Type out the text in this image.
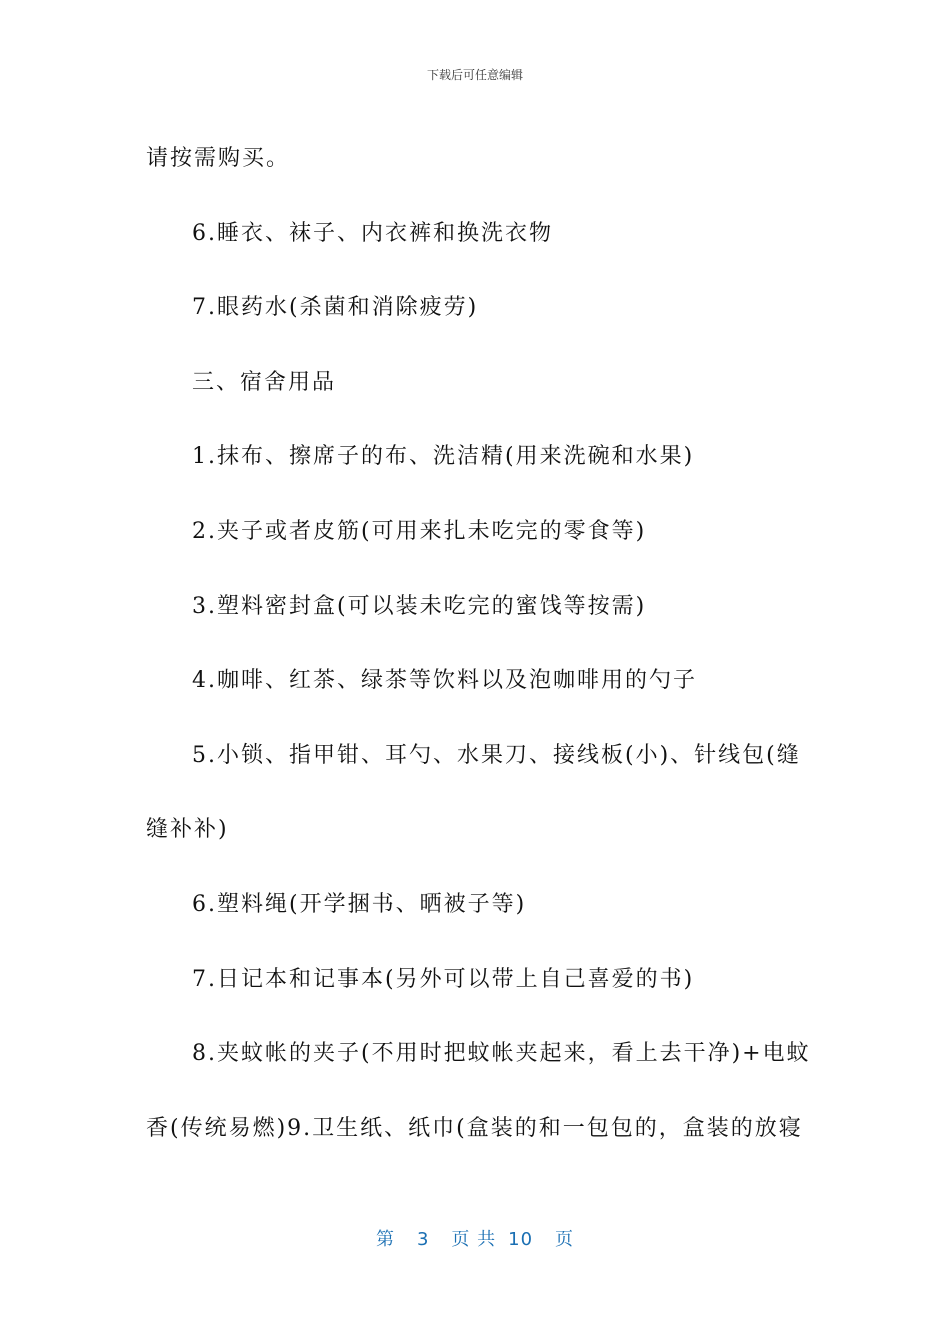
下载后可任意编辑

请按需购买。

6.睡衣、袜子、内衣裤和换洗衣物

7.眼药水(杀菌和消除疲劳)

三、宿舍用品

1.抹布、擦席子的布、洗洁精(用来洗碗和水果)

2.夹子或者皮筋(可用来扎未吃完的零食等)

3.塑料密封盒(可以装未吃完的蜜饯等按需)

4.咖啡、红茶、绿茶等饮料以及泡咖啡用的勺子

5.小锁、指甲钳、耳勺、水果刀、接线板(小)、针线包(缝

缝补补)

6.塑料绳(开学捆书、晒被子等)

7.日记本和记事本(另外可以带上自己喜爱的书)

8.夹蚊帐的夹子(不用时把蚊帐夹起来，看上去干净)+电蚊

香(传统易燃)9.卫生纸、纸巾(盒装的和一包包的，盒装的放寝

第 3 页 共 10 页
